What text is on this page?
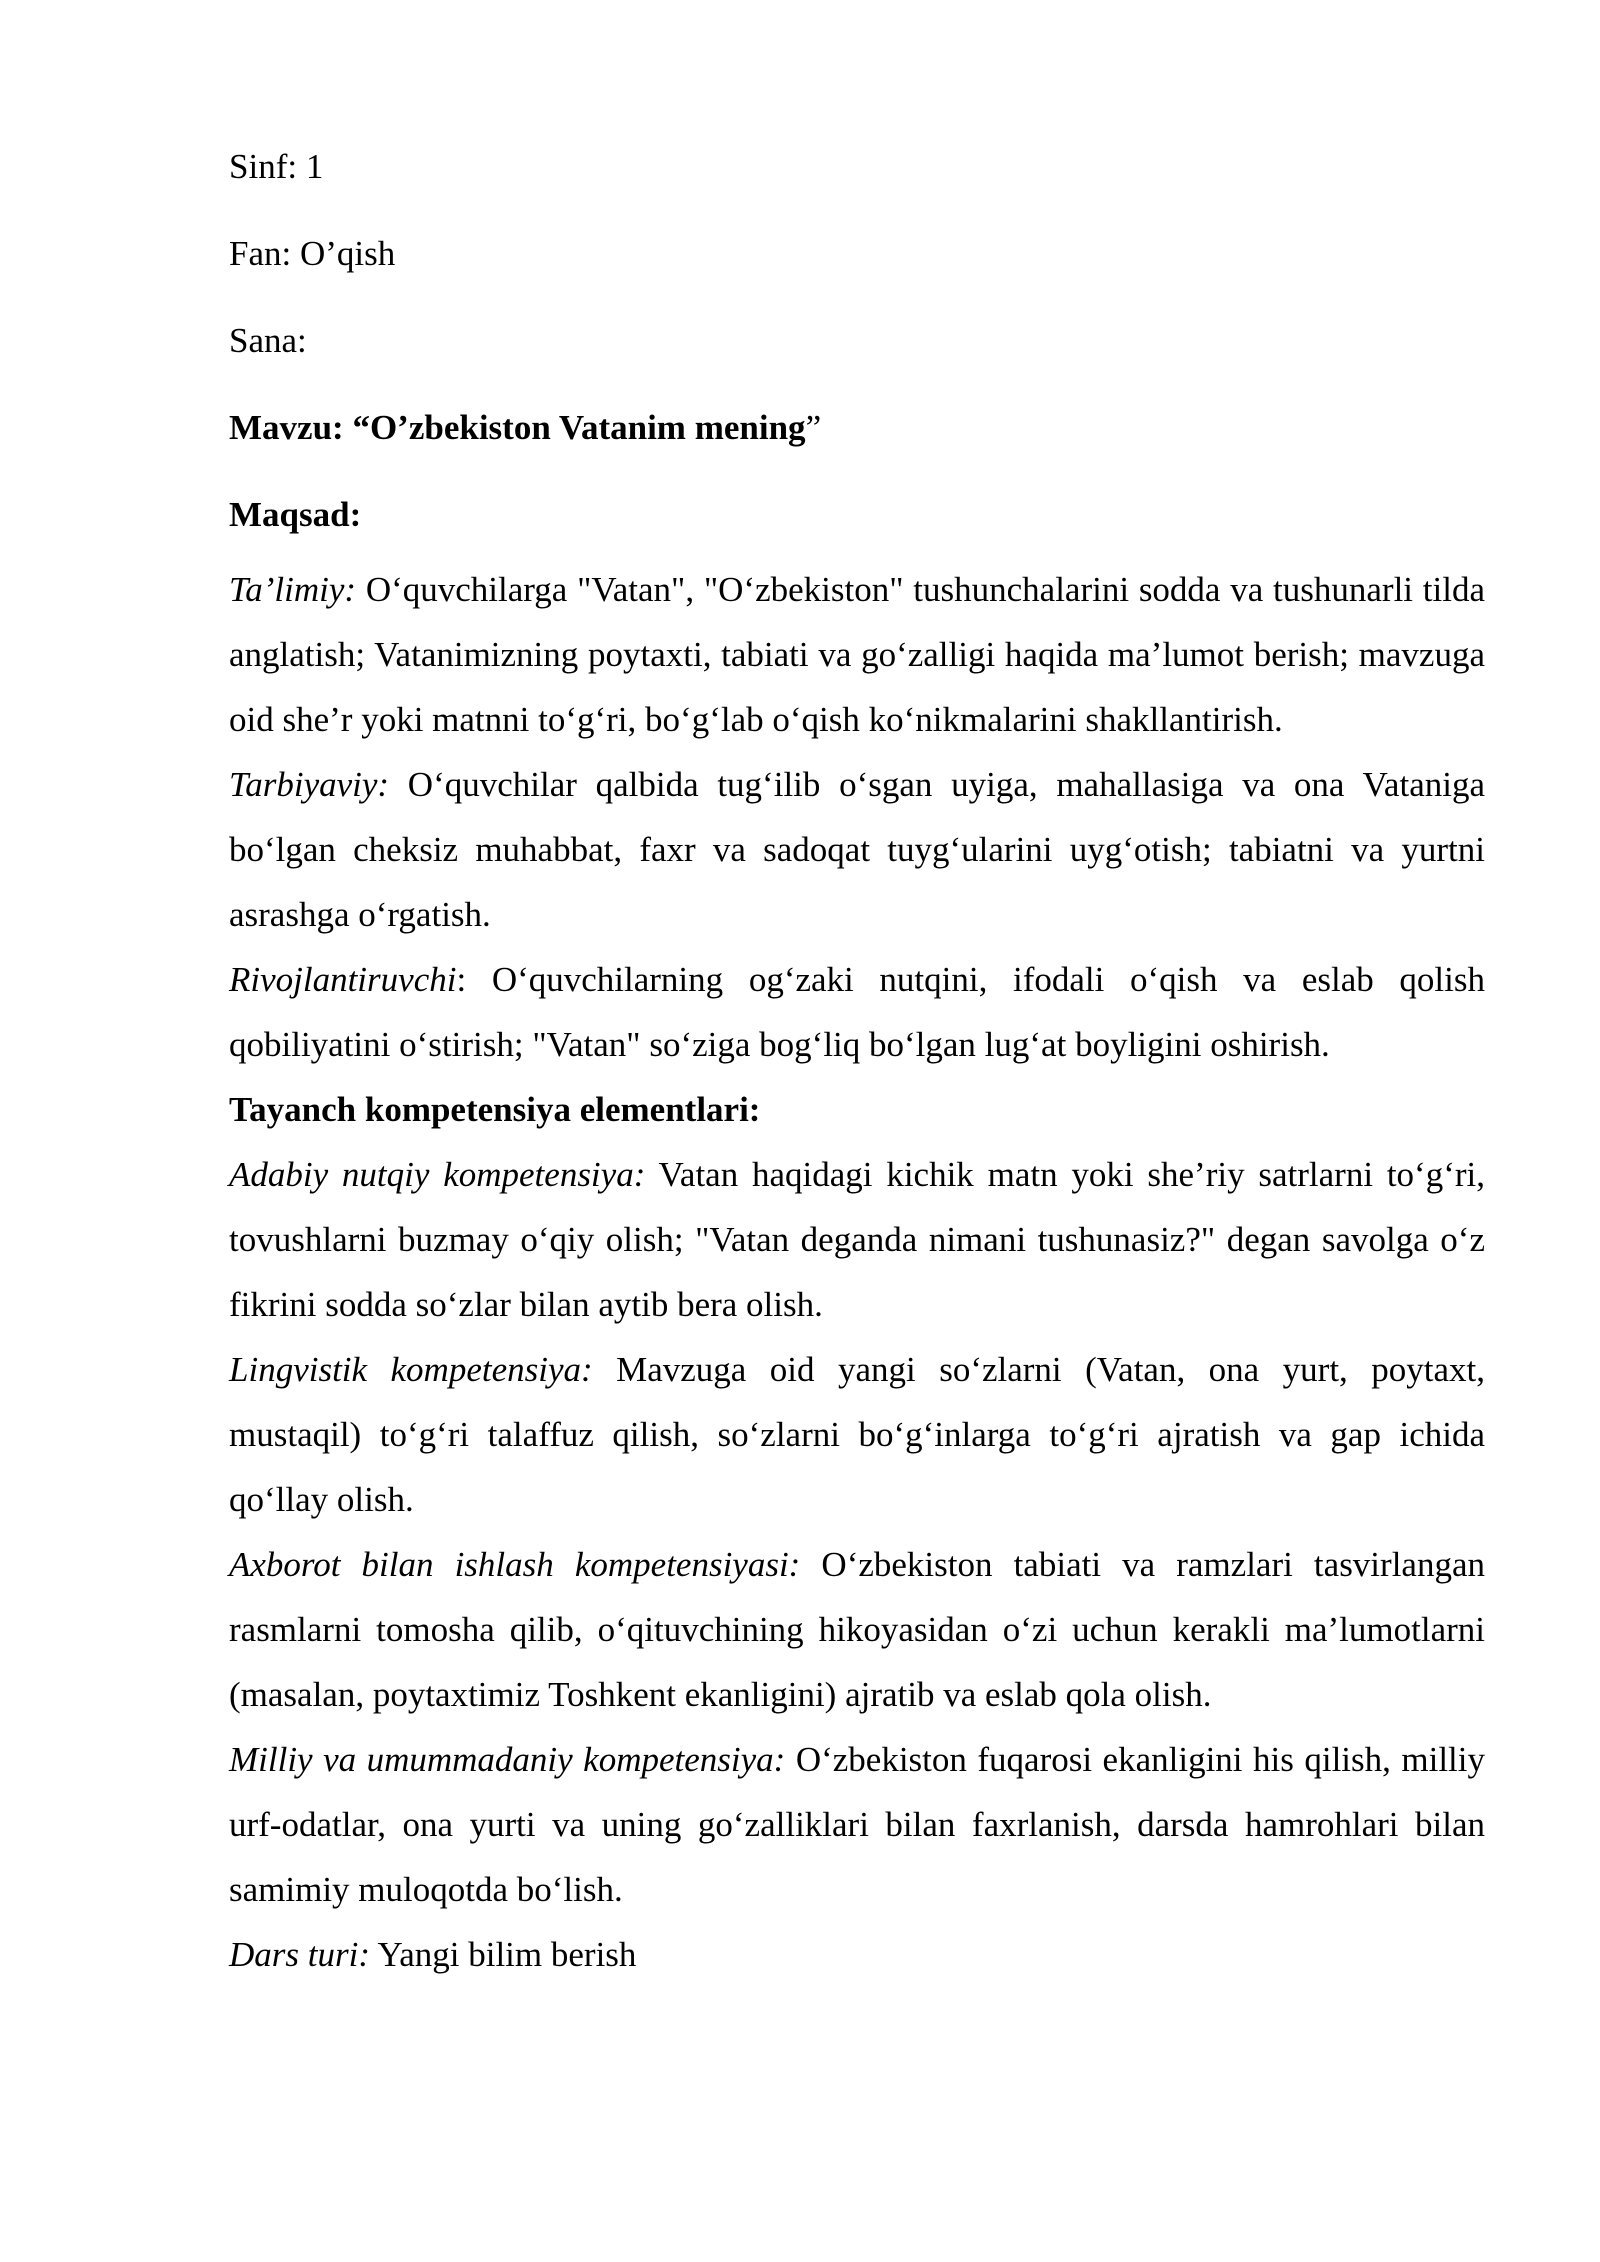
Sinf: 1
Fan: O’qish
Sana:
Mavzu: “O’zbekiston Vatanim mening”
Maqsad:

Ta’limiy: O‘quvchilarga "Vatan", "O‘zbekiston" tushunchalarini sodda va tushunarli tilda anglatish; Vatanimizning poytaxti, tabiati va go‘zalligi haqida ma’lumot berish; mavzuga oid she’r yoki matnni to‘g‘ri, bo‘g‘lab o‘qish ko‘nikmalarini shakllantirish.

Tarbiyaviy: O‘quvchilar qalbida tug‘ilib o‘sgan uyiga, mahallasiga va ona Vataniga bo‘lgan cheksiz muhabbat, faxr va sadoqat tuyg‘ularini uyg‘otish; tabiatni va yurtni asrashga o‘rgatish.

Rivojlantiruvchi: O‘quvchilarning og‘zaki nutqini, ifodali o‘qish va eslab qolish qobiliyatini o‘stirish; "Vatan" so‘ziga bog‘liq bo‘lgan lug‘at boyligini oshirish.

Tayanch kompetensiya elementlari:

Adabiy nutqiy kompetensiya: Vatan haqidagi kichik matn yoki she’riy satrlarni to‘g‘ri, tovushlarni buzmay o‘qiy olish; "Vatan deganda nimani tushunasiz?" degan savolga o‘z fikrini sodda so‘zlar bilan aytib bera olish.

Lingvistik kompetensiya: Mavzuga oid yangi so‘zlarni (Vatan, ona yurt, poytaxt, mustaqil) to‘g‘ri talaffuz qilish, so‘zlarni bo‘g‘inlarga to‘g‘ri ajratish va gap ichida qo‘llay olish.

Axborot bilan ishlash kompetensiyasi: O‘zbekiston tabiati va ramzlari tasvirlangan rasmlarni tomosha qilib, o‘qituvchining hikoyasidan o‘zi uchun kerakli ma’lumotlarni (masalan, poytaxtimiz Toshkent ekanligini) ajratib va eslab qola olish.

Milliy va umummadaniy kompetensiya: O‘zbekiston fuqarosi ekanligini his qilish, milliy urf-odatlar, ona yurti va uning go‘zalliklari bilan faxrlanish, darsda hamrohlari bilan samimiy muloqotda bo‘lish.

Dars turi: Yangi bilim berish
